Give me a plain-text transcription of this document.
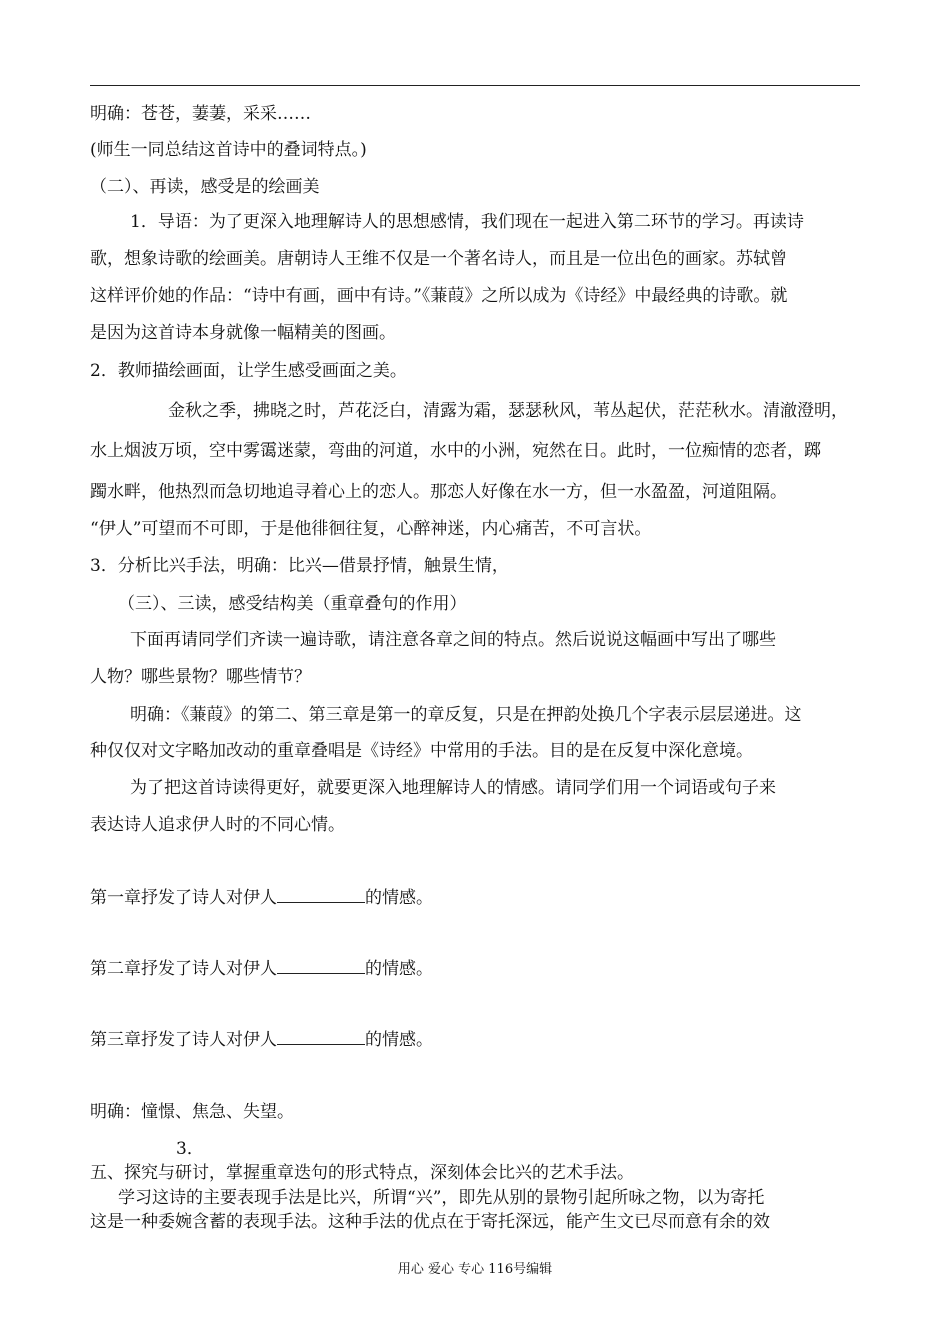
明确：苍苍，萋萋，采采……
(师生一同总结这首诗中的叠词特点。)
（二）、再读，感受是的绘画美
1．导语：为了更深入地理解诗人的思想感情，我们现在一起进入第二环节的学习。再读诗
歌，想象诗歌的绘画美。唐朝诗人王维不仅是一个著名诗人，而且是一位出色的画家。苏轼曾
这样评价她的作品：“诗中有画，画中有诗。”《蒹葭》之所以成为《诗经》中最经典的诗歌。就
是因为这首诗本身就像一幅精美的图画。
2．教师描绘画面，让学生感受画面之美。
金秋之季，拂晓之时，芦花泛白，清露为霜，瑟瑟秋风，苇丛起伏，茫茫秋水。清澈澄明，
水上烟波万顷，空中雾霭迷蒙，弯曲的河道，水中的小洲，宛然在日。此时，一位痴情的恋者，踯
躅水畔，他热烈而急切地追寻着心上的恋人。那恋人好像在水一方，但一水盈盈，河道阻隔。
“伊人”可望而不可即，于是他徘徊往复，心醉神迷，内心痛苦，不可言状。
3．分析比兴手法，明确：比兴—借景抒情，触景生情，
（三）、三读，感受结构美（重章叠句的作用）
下面再请同学们齐读一遍诗歌，请注意各章之间的特点。然后说说这幅画中写出了哪些
人物？哪些景物？哪些情节？
明确：《蒹葭》的第二、第三章是第一的章反复，只是在押韵处换几个字表示层层递进。这
种仅仅对文字略加改动的重章叠唱是《诗经》中常用的手法。目的是在反复中深化意境。
为了把这首诗读得更好，就要更深入地理解诗人的情感。请同学们用一个词语或句子来
表达诗人追求伊人时的不同心情。
第一章抒发了诗人对伊人	的情感。
第二章抒发了诗人对伊人	的情感。
第三章抒发了诗人对伊人	的情感。
明确：憧憬、焦急、失望。
3．
五、探究与研讨，掌握重章迭句的形式特点，深刻体会比兴的艺术手法。
学习这诗的主要表现手法是比兴，所谓“兴”，即先从别的景物引起所咏之物，以为寄托
这是一种委婉含蓄的表现手法。这种手法的优点在于寄托深远，能产生文已尽而意有余的效
用心 爱心 专心 116号编辑
